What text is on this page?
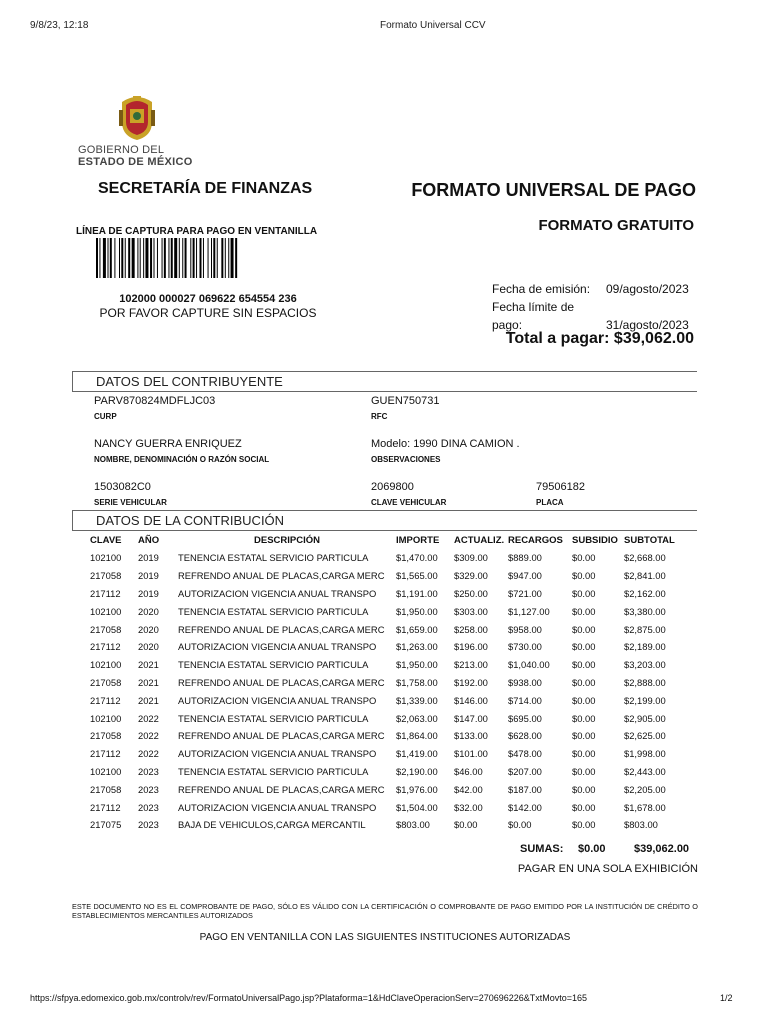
9/8/23, 12:18	Formato Universal CCV
GOBIERNO DEL
ESTADO DE MÉXICO
SECRETARÍA DE FINANZAS	FORMATO UNIVERSAL DE PAGO
FORMATO GRATUITO
LÍNEA DE CAPTURA PARA PAGO EN VENTANILLA
102000 000027 069622 654554 236
POR FAVOR CAPTURE SIN ESPACIOS
Fecha de emisión: 09/agosto/2023
Fecha límite de pago:	31/agosto/2023
Total a pagar: $39,062.00
DATOS DEL CONTRIBUYENTE
PARV870824MDFLJC03
CURP
GUEN750731
RFC
NANCY GUERRA ENRIQUEZ
NOMBRE, DENOMINACIÓN O RAZÓN SOCIAL
Modelo: 1990 DINA CAMION .
OBSERVACIONES
1503082C0
SERIE VEHICULAR
2069800
CLAVE VEHICULAR
79506182
PLACA
DATOS DE LA CONTRIBUCIÓN
CLAVE	AÑO	DESCRIPCIÓN	IMPORTE	ACTUALIZ.	RECARGOS	SUBSIDIO	SUBTOTAL
102100	2019	TENENCIA ESTATAL SERVICIO PARTICULA	$1,470.00	$309.00	$889.00	$0.00	$2,668.00
217058	2019	REFRENDO ANUAL DE PLACAS,CARGA MERC	$1,565.00	$329.00	$947.00	$0.00	$2,841.00
217112	2019	AUTORIZACION VIGENCIA ANUAL TRANSPO	$1,191.00	$250.00	$721.00	$0.00	$2,162.00
102100	2020	TENENCIA ESTATAL SERVICIO PARTICULA	$1,950.00	$303.00	$1,127.00	$0.00	$3,380.00
217058	2020	REFRENDO ANUAL DE PLACAS,CARGA MERC	$1,659.00	$258.00	$958.00	$0.00	$2,875.00
217112	2020	AUTORIZACION VIGENCIA ANUAL TRANSPO	$1,263.00	$196.00	$730.00	$0.00	$2,189.00
102100	2021	TENENCIA ESTATAL SERVICIO PARTICULA	$1,950.00	$213.00	$1,040.00	$0.00	$3,203.00
217058	2021	REFRENDO ANUAL DE PLACAS,CARGA MERC	$1,758.00	$192.00	$938.00	$0.00	$2,888.00
217112	2021	AUTORIZACION VIGENCIA ANUAL TRANSPO	$1,339.00	$146.00	$714.00	$0.00	$2,199.00
102100	2022	TENENCIA ESTATAL SERVICIO PARTICULA	$2,063.00	$147.00	$695.00	$0.00	$2,905.00
217058	2022	REFRENDO ANUAL DE PLACAS,CARGA MERC	$1,864.00	$133.00	$628.00	$0.00	$2,625.00
217112	2022	AUTORIZACION VIGENCIA ANUAL TRANSPO	$1,419.00	$101.00	$478.00	$0.00	$1,998.00
102100	2023	TENENCIA ESTATAL SERVICIO PARTICULA	$2,190.00	$46.00	$207.00	$0.00	$2,443.00
217058	2023	REFRENDO ANUAL DE PLACAS,CARGA MERC	$1,976.00	$42.00	$187.00	$0.00	$2,205.00
217112	2023	AUTORIZACION VIGENCIA ANUAL TRANSPO	$1,504.00	$32.00	$142.00	$0.00	$1,678.00
217075	2023	BAJA DE VEHICULOS,CARGA MERCANTIL	$803.00	$0.00	$0.00	$0.00	$803.00
SUMAS: $0.00	$39,062.00
PAGAR EN UNA SOLA EXHIBICIÓN
ESTE DOCUMENTO NO ES EL COMPROBANTE DE PAGO, SÓLO ES VÁLIDO CON LA CERTIFICACIÓN O COMPROBANTE DE PAGO EMITIDO POR LA INSTITUCIÓN DE CRÉDITO O ESTABLECIMIENTOS MERCANTILES AUTORIZADOS
PAGO EN VENTANILLA CON LAS SIGUIENTES INSTITUCIONES AUTORIZADAS
https://sfpya.edomexico.gob.mx/controlv/rev/FormatoUniversalPago.jsp?Plataforma=1&HdClaveOperacionServ=270696226&TxtMovto=165	1/2
